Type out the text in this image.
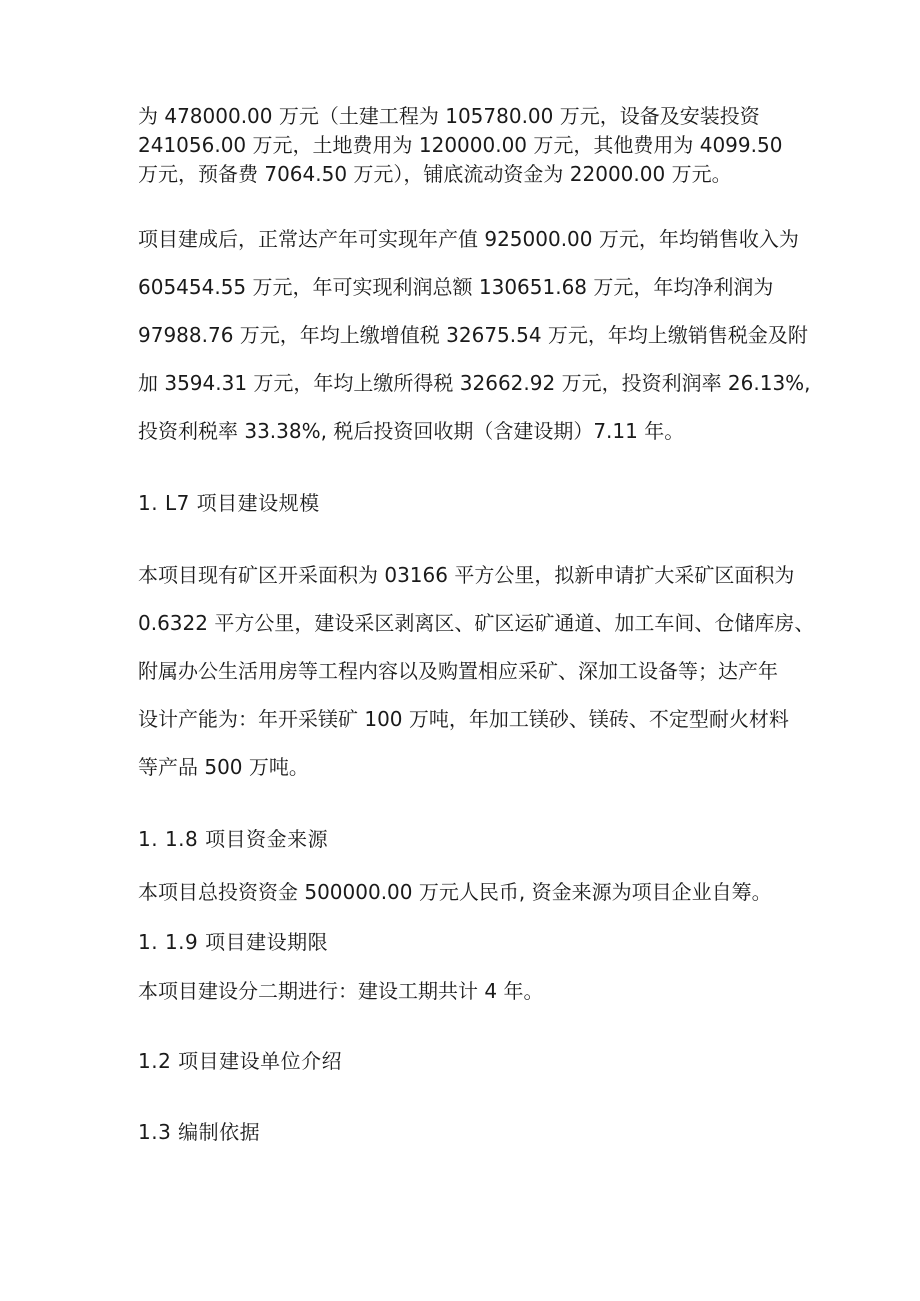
为 478000.00 万元（土建工程为 105780.00 万元，设备及安装投资
241056.00 万元，土地费用为 120000.00 万元，其他费用为 4099.50
万元，预备费 7064.50 万元），铺底流动资金为 22000.00 万元。
项目建成后，正常达产年可实现年产值 925000.00 万元，年均销售收入为
605454.55 万元，年可实现利润总额 130651.68 万元，年均净利润为
97988.76 万元，年均上缴增值税 32675.54 万元，年均上缴销售税金及附
加 3594.31 万元，年均上缴所得税 32662.92 万元，投资利润率 26.13%,
投资利税率 33.38%, 税后投资回收期（含建设期）7.11 年。
1. L7 项目建设规模
本项目现有矿区开采面积为 03166 平方公里，拟新申请扩大采矿区面积为
0.6322 平方公里，建设采区剥离区、矿区运矿通道、加工车间、仓储库房、
附属办公生活用房等工程内容以及购置相应采矿、深加工设备等；达产年
设计产能为：年开采镁矿 100 万吨，年加工镁砂、镁砖、不定型耐火材料
等产品 500 万吨。
1. 1.8 项目资金来源
本项目总投资资金 500000.00 万元人民币, 资金来源为项目企业自筹。
1. 1.9 项目建设期限
本项目建设分二期进行：建设工期共计 4 年。
1.2 项目建设单位介绍
1.3 编制依据
